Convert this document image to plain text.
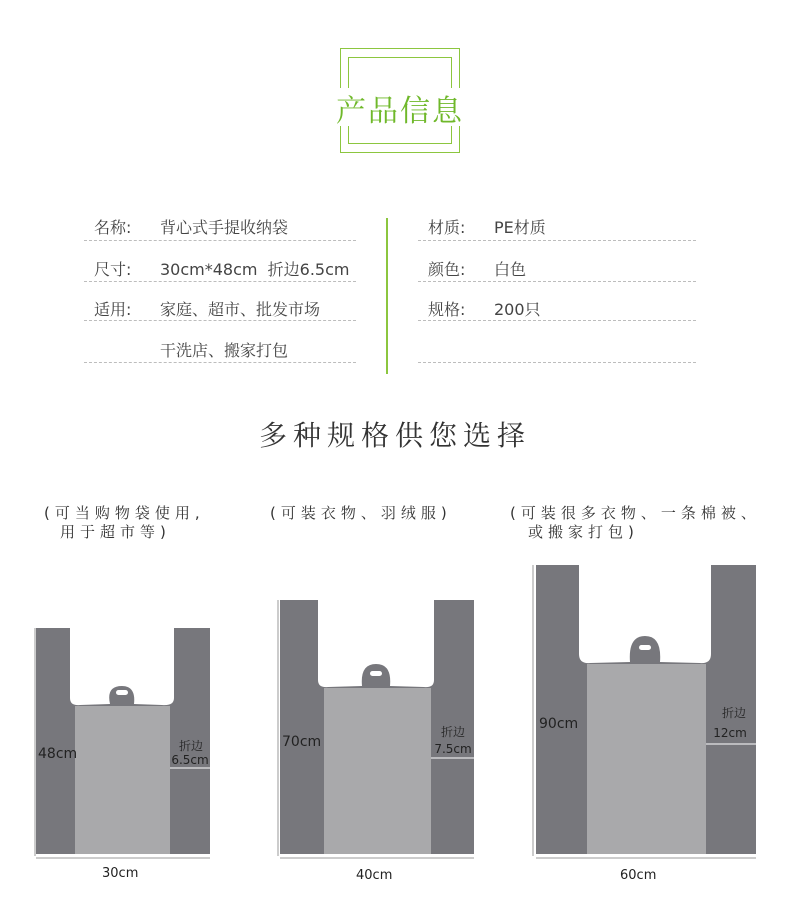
产品信息
名称: 背心式手提收纳袋
尺寸: 30cm*48cm  折边6.5cm
适用: 家庭、超市、批发市场
干洗店、搬家打包
材质: PE材质
颜色: 白色
规格: 200只
多种规格供您选择
(可当购物袋使用,
用于超市等)
(可装衣物、羽绒服)	(可装很多衣物、一条棉被、
或搬家打包)
48cm	折边
6.5cm
30cm
70cm
折边
7.5cm
40cm
90cm
折边
12cm
60cm
